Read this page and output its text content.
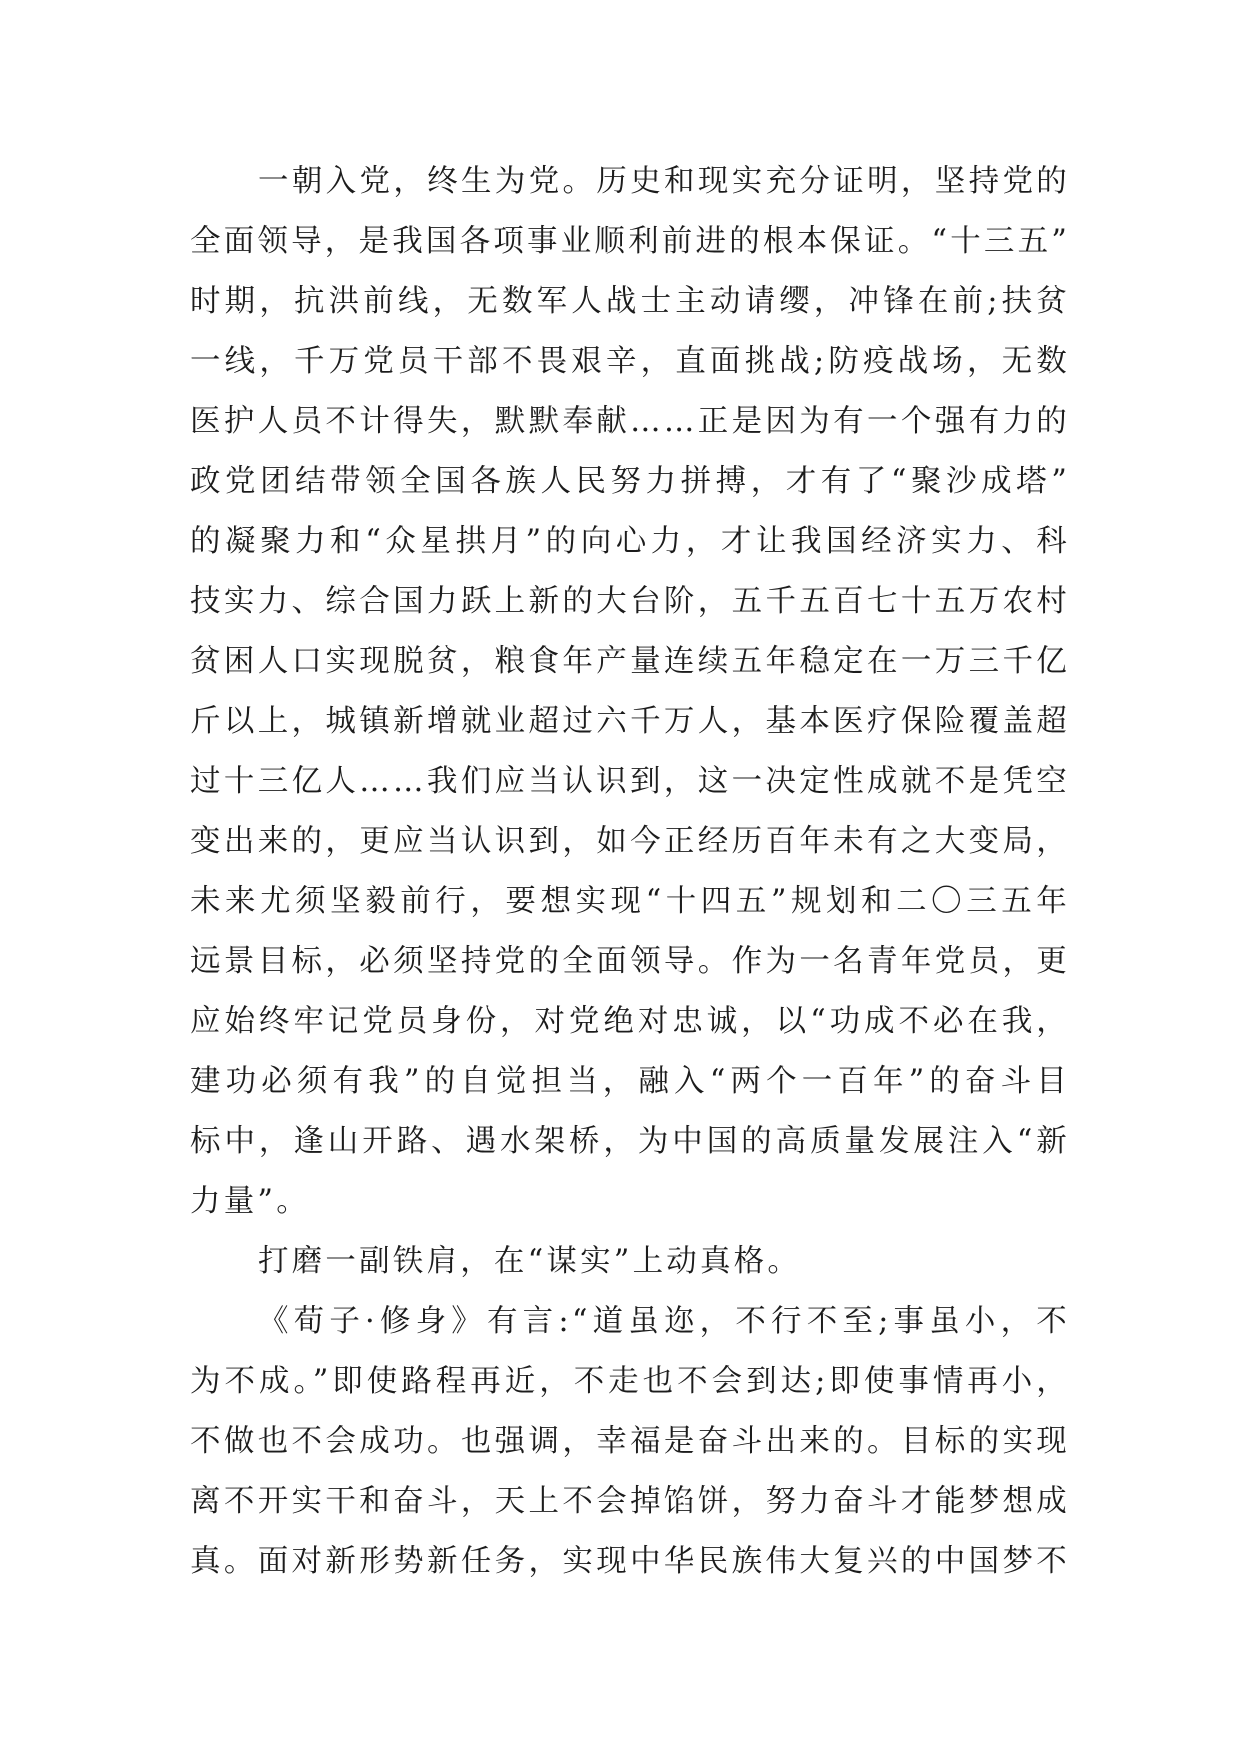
一朝入党，终生为党。历史和现实充分证明，坚持党的
全面领导，是我国各项事业顺利前进的根本保证。“十三五”
时期，抗洪前线，无数军人战士主动请缨，冲锋在前;扶贫
一线，千万党员干部不畏艰辛，直面挑战;防疫战场，无数
医护人员不计得失，默默奉献……正是因为有一个强有力的
政党团结带领全国各族人民努力拼搏，才有了“聚沙成塔”
的凝聚力和“众星拱月”的向心力，才让我国经济实力、科
技实力、综合国力跃上新的大台阶，五千五百七十五万农村
贫困人口实现脱贫，粮食年产量连续五年稳定在一万三千亿
斤以上，城镇新增就业超过六千万人，基本医疗保险覆盖超
过十三亿人……我们应当认识到，这一决定性成就不是凭空
变出来的，更应当认识到，如今正经历百年未有之大变局，
未来尤须坚毅前行，要想实现“十四五”规划和二〇三五年
远景目标，必须坚持党的全面领导。作为一名青年党员，更
应始终牢记党员身份，对党绝对忠诚，以“功成不必在我，
建功必须有我”的自觉担当，融入“两个一百年”的奋斗目
标中，逢山开路、遇水架桥，为中国的高质量发展注入“新
力量”。
打磨一副铁肩，在“谋实”上动真格。
《荀子·修身》有言:“道虽迩，不行不至;事虽小，不
为不成。”即使路程再近，不走也不会到达;即使事情再小，
不做也不会成功。也强调，幸福是奋斗出来的。目标的实现
离不开实干和奋斗，天上不会掉馅饼，努力奋斗才能梦想成
真。面对新形势新任务，实现中华民族伟大复兴的中国梦不
